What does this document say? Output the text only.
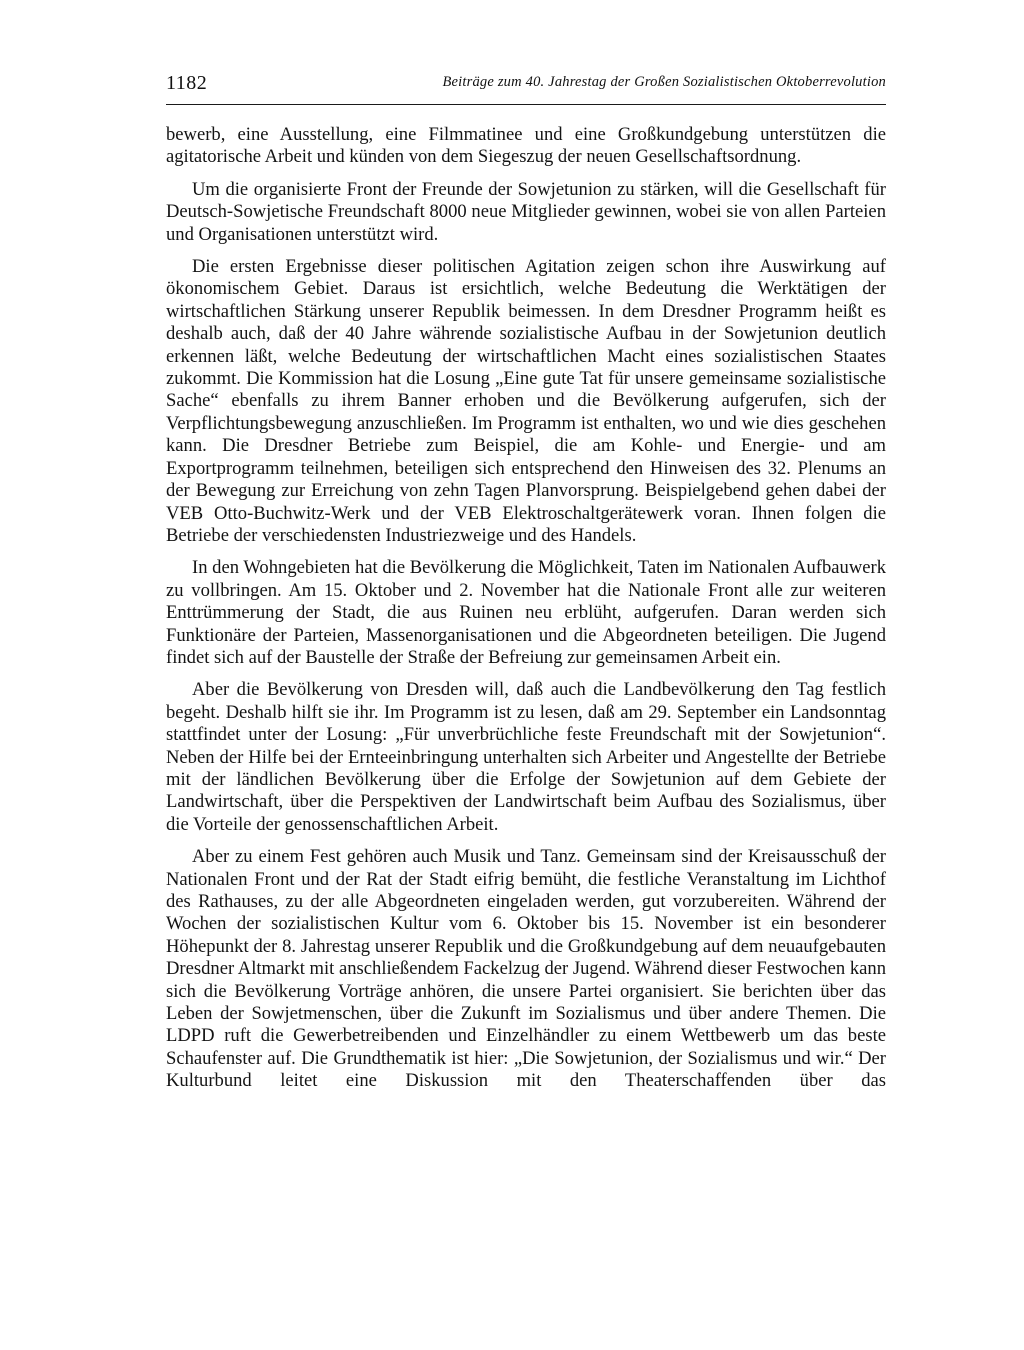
1182	Beiträge zum 40. Jahrestag der Großen Sozialistischen Oktoberrevolution

bewerb, eine Ausstellung, eine Filmmatinee und eine Großkundgebung unterstützen die agitatorische Arbeit und künden von dem Siegeszug der neuen Gesellschaftsordnung.

Um die organisierte Front der Freunde der Sowjetunion zu stärken, will die Gesellschaft für Deutsch-Sowjetische Freundschaft 8000 neue Mitglieder gewinnen, wobei sie von allen Parteien und Organisationen unterstützt wird.

Die ersten Ergebnisse dieser politischen Agitation zeigen schon ihre Auswirkung auf ökonomischem Gebiet. Daraus ist ersichtlich, welche Bedeutung die Werktätigen der wirtschaftlichen Stärkung unserer Republik beimessen. In dem Dresdner Programm heißt es deshalb auch, daß der 40 Jahre währende sozialistische Aufbau in der Sowjetunion deutlich erkennen läßt, welche Bedeutung der wirtschaftlichen Macht eines sozialistischen Staates zukommt. Die Kommission hat die Losung „Eine gute Tat für unsere gemeinsame sozialistische Sache“ ebenfalls zu ihrem Banner erhoben und die Bevölkerung aufgerufen, sich der Verpflichtungsbewegung anzuschließen. Im Programm ist enthalten, wo und wie dies geschehen kann. Die Dresdner Betriebe zum Beispiel, die am Kohle- und Energie- und am Exportprogramm teilnehmen, beteiligen sich entsprechend den Hinweisen des 32. Plenums an der Bewegung zur Erreichung von zehn Tagen Planvorsprung. Beispielgebend gehen dabei der VEB Otto-Buchwitz-Werk und der VEB Elektroschaltgerätewerk voran. Ihnen folgen die Betriebe der verschiedensten Industriezweige und des Handels.

In den Wohngebieten hat die Bevölkerung die Möglichkeit, Taten im Nationalen Aufbauwerk zu vollbringen. Am 15. Oktober und 2. November hat die Nationale Front alle zur weiteren Enttrümmerung der Stadt, die aus Ruinen neu erblüht, aufgerufen. Daran werden sich Funktionäre der Parteien, Massenorganisationen und die Abgeordneten beteiligen. Die Jugend findet sich auf der Baustelle der Straße der Befreiung zur gemeinsamen Arbeit ein.

Aber die Bevölkerung von Dresden will, daß auch die Landbevölkerung den Tag festlich begeht. Deshalb hilft sie ihr. Im Programm ist zu lesen, daß am 29. September ein Landsonntag stattfindet unter der Losung: „Für unverbrüchliche feste Freundschaft mit der Sowjetunion“. Neben der Hilfe bei der Ernteeinbringung unterhalten sich Arbeiter und Angestellte der Betriebe mit der ländlichen Bevölkerung über die Erfolge der Sowjetunion auf dem Gebiete der Landwirtschaft, über die Perspektiven der Landwirtschaft beim Aufbau des Sozialismus, über die Vorteile der genossenschaftlichen Arbeit.

Aber zu einem Fest gehören auch Musik und Tanz. Gemeinsam sind der Kreisausschuß der Nationalen Front und der Rat der Stadt eifrig bemüht, die festliche Veranstaltung im Lichthof des Rathauses, zu der alle Abgeordneten eingeladen werden, gut vorzubereiten. Während der Wochen der sozialistischen Kultur vom 6. Oktober bis 15. November ist ein besonderer Höhepunkt der 8. Jahrestag unserer Republik und die Großkundgebung auf dem neuaufgebauten Dresdner Altmarkt mit anschließendem Fackelzug der Jugend. Während dieser Festwochen kann sich die Bevölkerung Vorträge anhören, die unsere Partei organisiert. Sie berichten über das Leben der Sowjetmenschen, über die Zukunft im Sozialismus und über andere Themen. Die LDPD ruft die Gewerbetreibenden und Einzelhändler zu einem Wettbewerb um das beste Schaufenster auf. Die Grundthematik ist hier: „Die Sowjetunion, der Sozialismus und wir.“ Der Kulturbund leitet eine Diskussion mit den Theaterschaffenden über das
